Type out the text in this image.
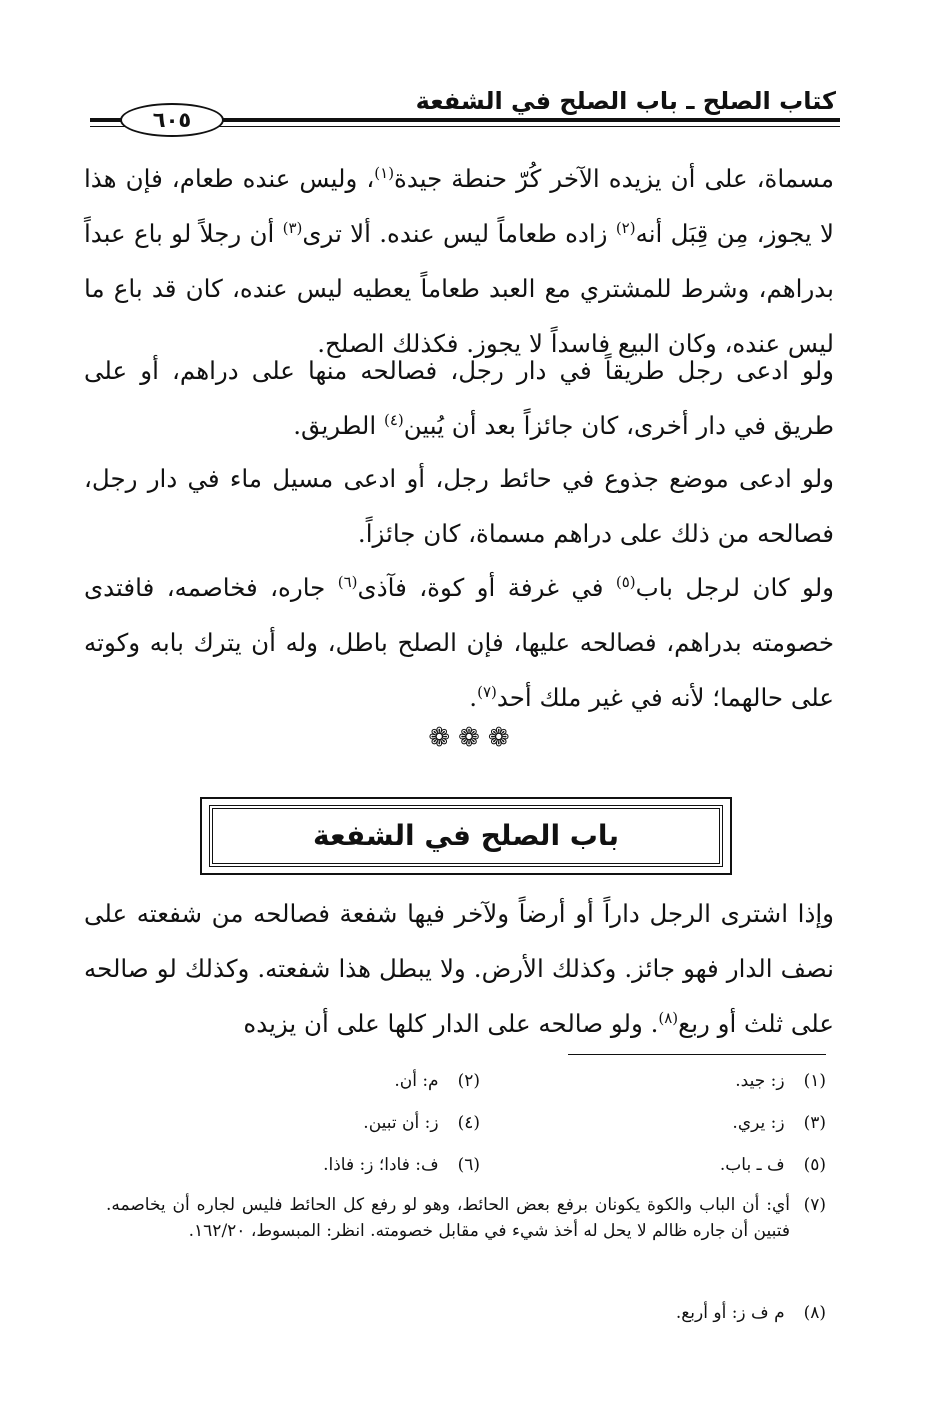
كتاب الصلح ـ باب الصلح في الشفعة
٦٠٥
مسماة، على أن يزيده الآخر كُرّ حنطة جيدة$^{(١)}$، وليس عنده طعام، فإن هذا لا يجوز، مِن قِبَل أنه$^{(٢)}$ زاده طعاماً ليس عنده. ألا ترى$^{(٣)}$ أن رجلاً لو باع عبداً بدراهم، وشرط للمشتري مع العبد طعاماً يعطيه ليس عنده، كان قد باع ما ليس عنده، وكان البيع فاسداً لا يجوز. فكذلك الصلح.
ولو ادعى رجل طريقاً في دار رجل، فصالحه منها على دراهم، أو على طريق في دار أخرى، كان جائزاً بعد أن يُبين$^{(٤)}$ الطريق.
ولو ادعى موضع جذوع في حائط رجل، أو ادعى مسيل ماء في دار رجل، فصالحه من ذلك على دراهم مسماة، كان جائزاً.
ولو كان لرجل باب$^{(٥)}$ في غرفة أو كوة، فآذى$^{(٦)}$ جاره، فخاصمه، فافتدى خصومته بدراهم، فصالحه عليها، فإن الصلح باطل، وله أن يترك بابه وكوته على حالهما؛ لأنه في غير ملك أحد$^{(٧)}$.
❁❁❁
باب الصلح في الشفعة
وإذا اشترى الرجل داراً أو أرضاً ولآخر فيها شفعة فصالحه من شفعته على نصف الدار فهو جائز. وكذلك الأرض. ولا يبطل هذا شفعته. وكذلك لو صالحه على ثلث أو ربع$^{(٨)}$. ولو صالحه على الدار كلها على أن يزيده
(١) ز: جيد.
(٢) م: أن.
(٣) ز: يري.
(٤) ز: أن تبين.
(٥) ف ـ باب.
(٦) ف: فادا؛ ز: فاذا.
(٧)
أي: أن الباب والكوة يكونان برفع بعض الحائط، وهو لو رفع كل الحائط فليس لجاره أن يخاصمه. فتبين أن جاره ظالم لا يحل له أخذ شيء في مقابل خصومته. انظر: المبسوط، ١٦٢/٢٠.
(٨) م ف ز: أو أربع.
